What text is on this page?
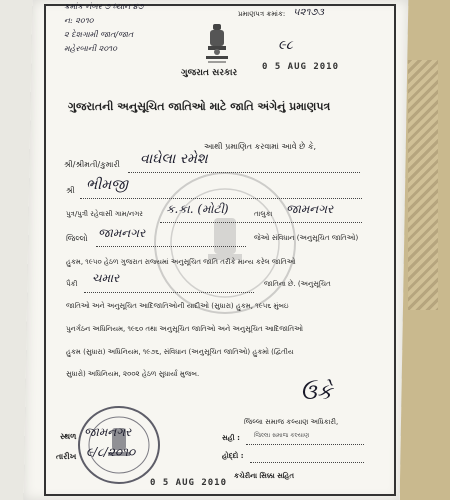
ક્રમાંક નંબર ૭ ધ્યાન ૪૭
ન: ૨૦૧૦
૨ દેશગામી જાત/જાત
મહેરબાની ૨૦૧૦
પ્રમાણપત્ર ક્રમાંક: ૫૨૧૭૩
ગુજરાત સરકાર
૯૮
0 5 AUG 2010
ગુજરાતની અનુસૂચિત જાતિઓ માટે જાતિ અંગેનું પ્રમાણપત્ર
આથી પ્રમાણિત કરવામાં આવે છે કે,
શ્રી/શ્રીમતી/કુમારી વાઘેલા રમેશ
શ્રી ભીમજી
પુત્ર/પુત્રી રહેવાસી ગામ/નગર ક.કા. (મોટી)	તાલુકા જામનગર
જિલ્લો જામનગર	જેઓ સંવિધાન (અનુસૂચિત જાતિઓ)
હુકમ, ૧૯૫૦ હેઠળ ગુજરાત રાજ્યમાં અનુસૂચિત જાતિ તરીકે માન્ય કરેલ જાતિઓ
પૈકી ચમાર	જાતિના છે. (અનુસૂચિત
જાતિઓ અને અનુસૂચિત આદિજાતિઓની યાદીઓ (સુધારા) હુકમ, ૧૯૫૬ મુંબઇ
પુનર્ગઠન અધિનિયમ, ૧૯૬૦ તથા અનુસૂચિત જાતિઓ અને અનુસૂચિત આદિજાતિઓ
હુકમ (સુધારા) અધિનિયમ, ૧૯૭૬, સંવિધાન (અનુસૂચિત જાતિઓ) હુકમો (દ્વિતીય
સુધારો) અધિનિયમ, ૨૦૦૨ હેઠળ સુધાર્યા મુજબ.
ઉકે
જિલ્લા સમાજ કલ્યાણ અધિકારી,
સહી : જિલ્લા સમાજ કલ્યાણ
હોદ્દો :
કચેરીના સિક્કા સહિત
સ્થળ જામનગર
તારીખ ૯/૮/૨૦૧૦
0 5 AUG 2010
